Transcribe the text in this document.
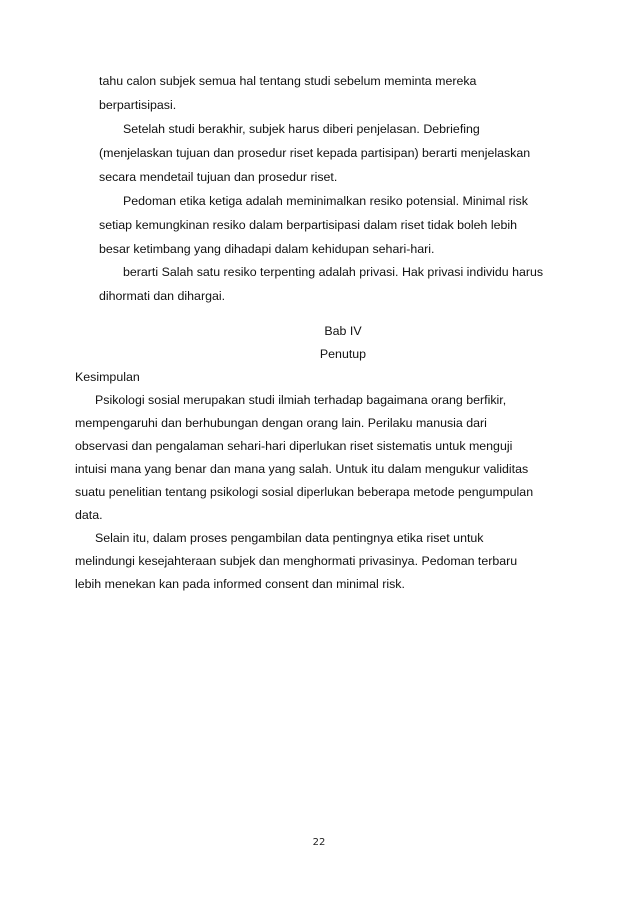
tahu calon subjek semua hal tentang studi sebelum meminta mereka

berpartisipasi.

Setelah studi berakhir, subjek harus diberi penjelasan. Debriefing

(menjelaskan tujuan dan prosedur riset kepada partisipan) berarti menjelaskan

secara mendetail tujuan dan prosedur riset.

Pedoman etika ketiga adalah meminimalkan resiko potensial. Minimal risk

setiap kemungkinan resiko dalam berpartisipasi dalam riset tidak boleh lebih

besar ketimbang yang dihadapi dalam kehidupan sehari-hari.

berarti Salah satu resiko terpenting adalah privasi. Hak privasi individu harus

dihormati dan dihargai.

Bab IV

Penutup

Kesimpulan

Psikologi sosial merupakan studi ilmiah terhadap bagaimana orang berfikir,

mempengaruhi dan berhubungan dengan orang lain. Perilaku manusia dari

observasi dan pengalaman sehari-hari diperlukan riset sistematis untuk menguji

intuisi mana yang benar dan mana yang salah. Untuk itu dalam mengukur validitas

suatu penelitian tentang psikologi sosial diperlukan beberapa metode pengumpulan

data.

Selain itu, dalam proses pengambilan data pentingnya etika riset untuk

melindungi kesejahteraan subjek dan menghormati privasinya. Pedoman terbaru

lebih menekan kan pada informed consent dan minimal risk.

22
